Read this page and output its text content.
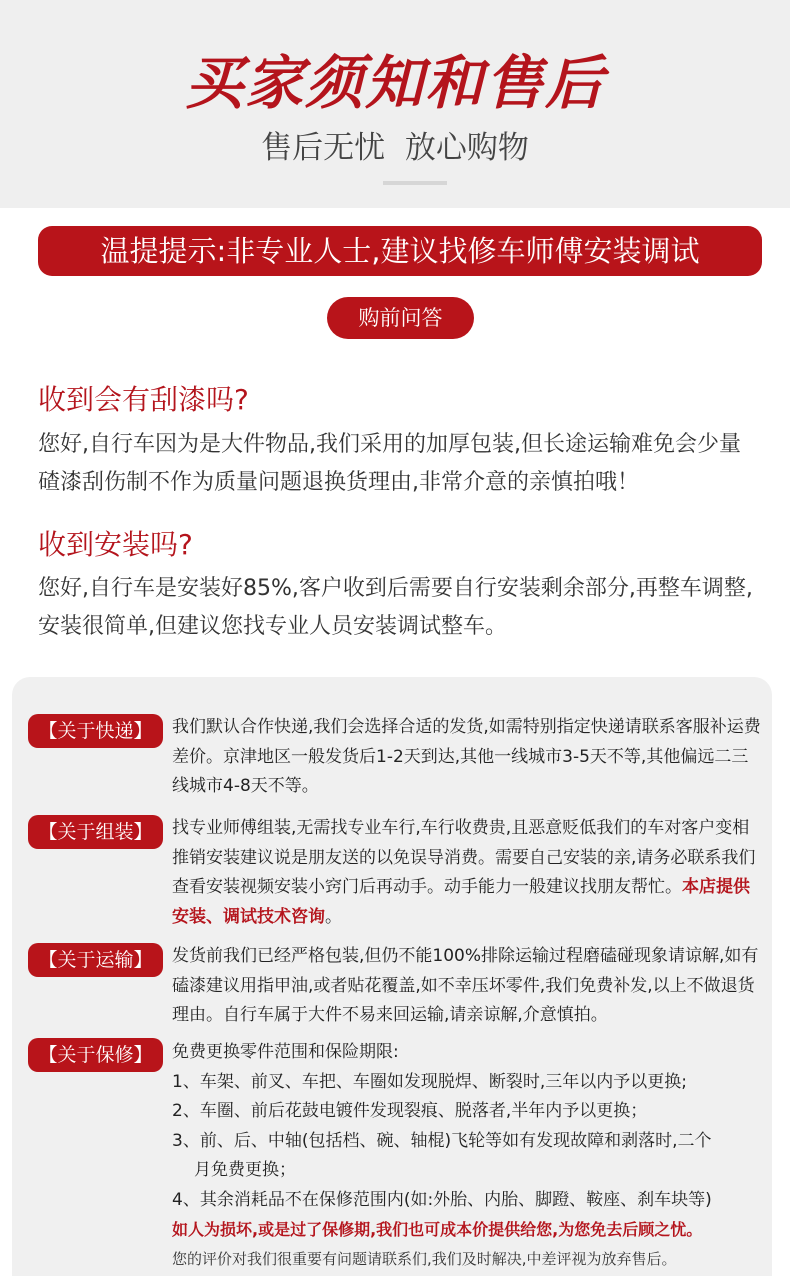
买家须知和售后
售后无忧  放心购物
温提提示:非专业人士,建议找修车师傅安装调试
购前问答
收到会有刮漆吗?
您好,自行车因为是大件物品,我们采用的加厚包装,但长途运输难免会少量碴漆刮伤制不作为质量问题退换货理由,非常介意的亲慎拍哦！
收到安装吗?
您好,自行车是安装好85%,客户收到后需要自行安装剩余部分,再整车调整,安装很简单,但建议您找专业人员安装调试整车。
【关于快递】	我们默认合作快递,我们会选择合适的发货,如需特别指定快递请联系客服补运费差价。京津地区一般发货后1-2天到达,其他一线城市3-5天不等,其他偏远二三线城市4-8天不等。
【关于组装】	找专业师傅组装,无需找专业车行,车行收费贵,且恶意贬低我们的车对客户变相推销安装建议说是朋友送的以免误导消费。需要自己安装的亲,请务必联系我们查看安装视频安装小窍门后再动手。动手能力一般建议找朋友帮忙。本店提供安装、调试技术咨询。
【关于运输】	发货前我们已经严格包装,但仍不能100%排除运输过程磨磕碰现象请谅解,如有磕漆建议用指甲油,或者贴花覆盖,如不幸压坏零件,我们免费补发,以上不做退货理由。自行车属于大件不易来回运输,请亲谅解,介意慎拍。
【关于保修】	免费更换零件范围和保险期限:
1、车架、前叉、车把、车圈如发现脱焊、断裂时,三年以内予以更换;
2、车圈、前后花鼓电镀件发现裂痕、脱落者,半年内予以更换；
3、前、后、中轴(包括档、碗、轴棍)飞轮等如有发现故障和剥落时,二个
月免费更换；
4、其余消耗品不在保修范围内(如:外胎、内胎、脚蹬、鞍座、刹车块等)
如人为损坏,或是过了保修期,我们也可成本价提供给您,为您免去后顾之忧。
您的评价对我们很重要有问题请联系们,我们及时解决,中差评视为放弃售后。
